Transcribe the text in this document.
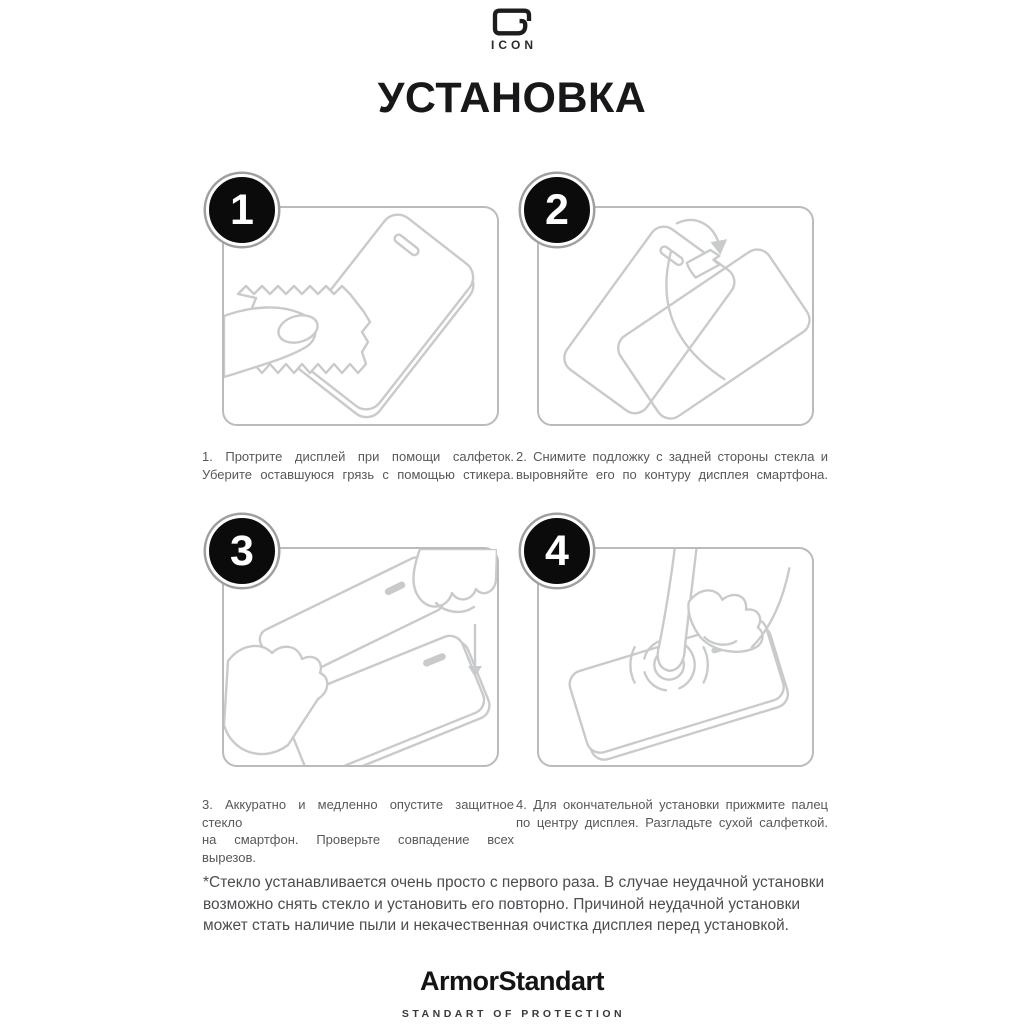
ICON
УСТАНОВКА
1	2
3	4
1. Протрите дисплей при помощи салфеток.
Уберите оставшуюся грязь с помощью стикера.
2. Снимите подложку с задней стороны стекла и
выровняйте его по контуру дисплея смартфона.
3. Аккуратно и медленно опустите защитное стекло
на смартфон. Проверьте совпадение всех вырезов.
4. Для окончательной установки прижмите палец
по центру дисплея. Разгладьте сухой салфеткой.
*Стекло устанавливается очень просто с первого раза. В случае неудачной установки
возможно снять стекло и установить его повторно. Причиной неудачной установки
может стать наличие пыли и некачественная очистка дисплея перед установкой.
ArmorStandart
STANDART OF PROTECTION
